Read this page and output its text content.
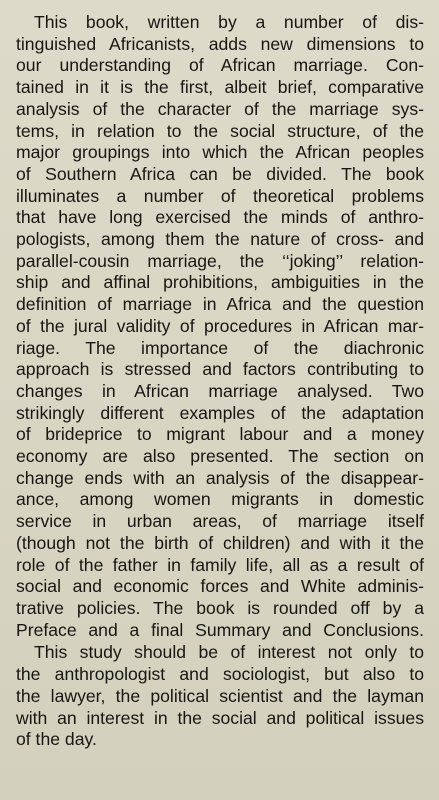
This book, written by a number of dis-
tinguished Africanists, adds new dimensions to
our understanding of African marriage. Con-
tained in it is the first, albeit brief, comparative
analysis of the character of the marriage sys-
tems, in relation to the social structure, of the
major groupings into which the African peoples
of Southern Africa can be divided. The book
illuminates a number of theoretical problems
that have long exercised the minds of anthro-
pologists, among them the nature of cross- and
parallel-cousin marriage, the ‘‘joking’’ relation-
ship and affinal prohibitions, ambiguities in the
definition of marriage in Africa and the question
of the jural validity of procedures in African mar-
riage. The importance of the diachronic
approach is stressed and factors contributing to
changes in African marriage analysed. Two
strikingly different examples of the adaptation
of brideprice to migrant labour and a money
economy are also presented. The section on
change ends with an analysis of the disappear-
ance, among women migrants in domestic
service in urban areas, of marriage itself
(though not the birth of children) and with it the
role of the father in family life, all as a result of
social and economic forces and White adminis-
trative policies. The book is rounded off by a
Preface and a final Summary and Conclusions.
This study should be of interest not only to
the anthropologist and sociologist, but also to
the lawyer, the political scientist and the layman
with an interest in the social and political issues
of the day.
